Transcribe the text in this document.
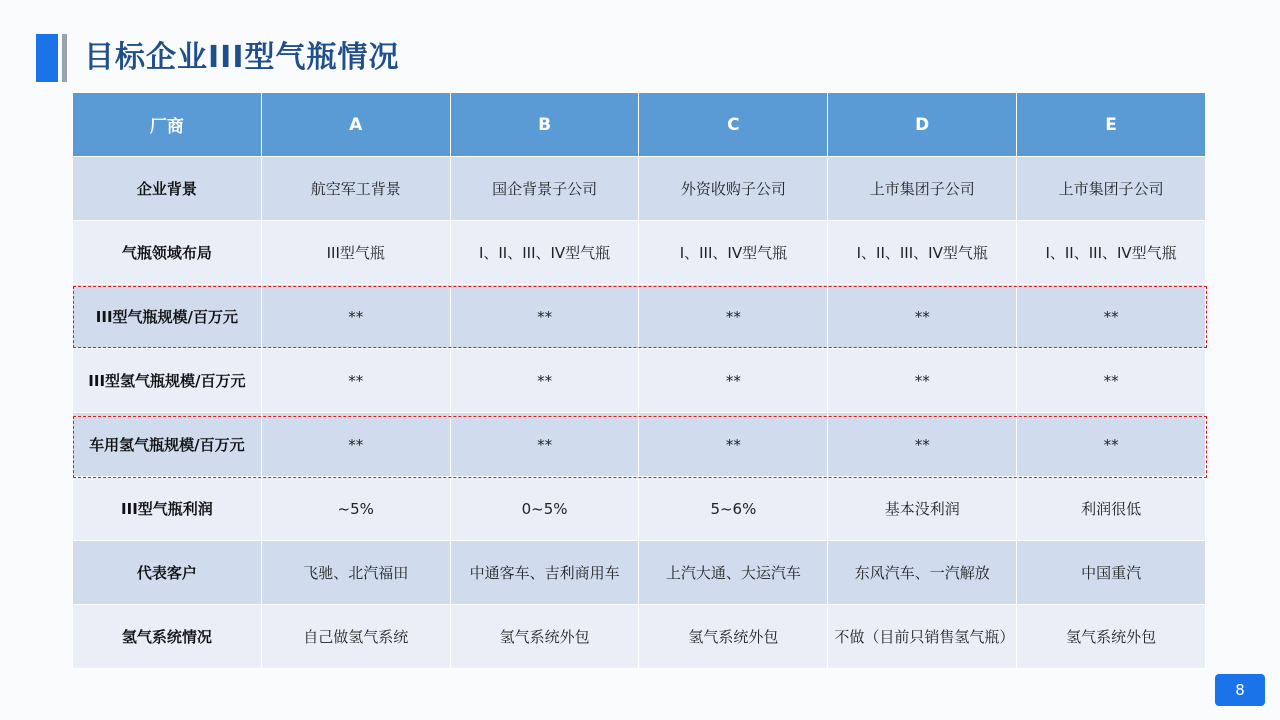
目标企业III型气瓶情况
厂商	A	B	C	D	E
企业背景	航空军工背景	国企背景子公司	外资收购子公司	上市集团子公司	上市集团子公司
气瓶领域布局	III型气瓶	I、II、III、IV型气瓶	I、III、IV型气瓶	I、II、III、IV型气瓶	I、II、III、IV型气瓶
III型气瓶规模/百万元	**	**	**	**	**
III型氢气瓶规模/百万元	**	**	**	**	**
车用氢气瓶规模/百万元	**	**	**	**	**
III型气瓶利润	~5%	0~5%	5~6%	基本没利润	利润很低
代表客户	飞驰、北汽福田	中通客车、吉利商用车	上汽大通、大运汽车	东风汽车、一汽解放	中国重汽
氢气系统情况	自己做氢气系统	氢气系统外包	氢气系统外包	不做（目前只销售氢气瓶）	氢气系统外包
8
